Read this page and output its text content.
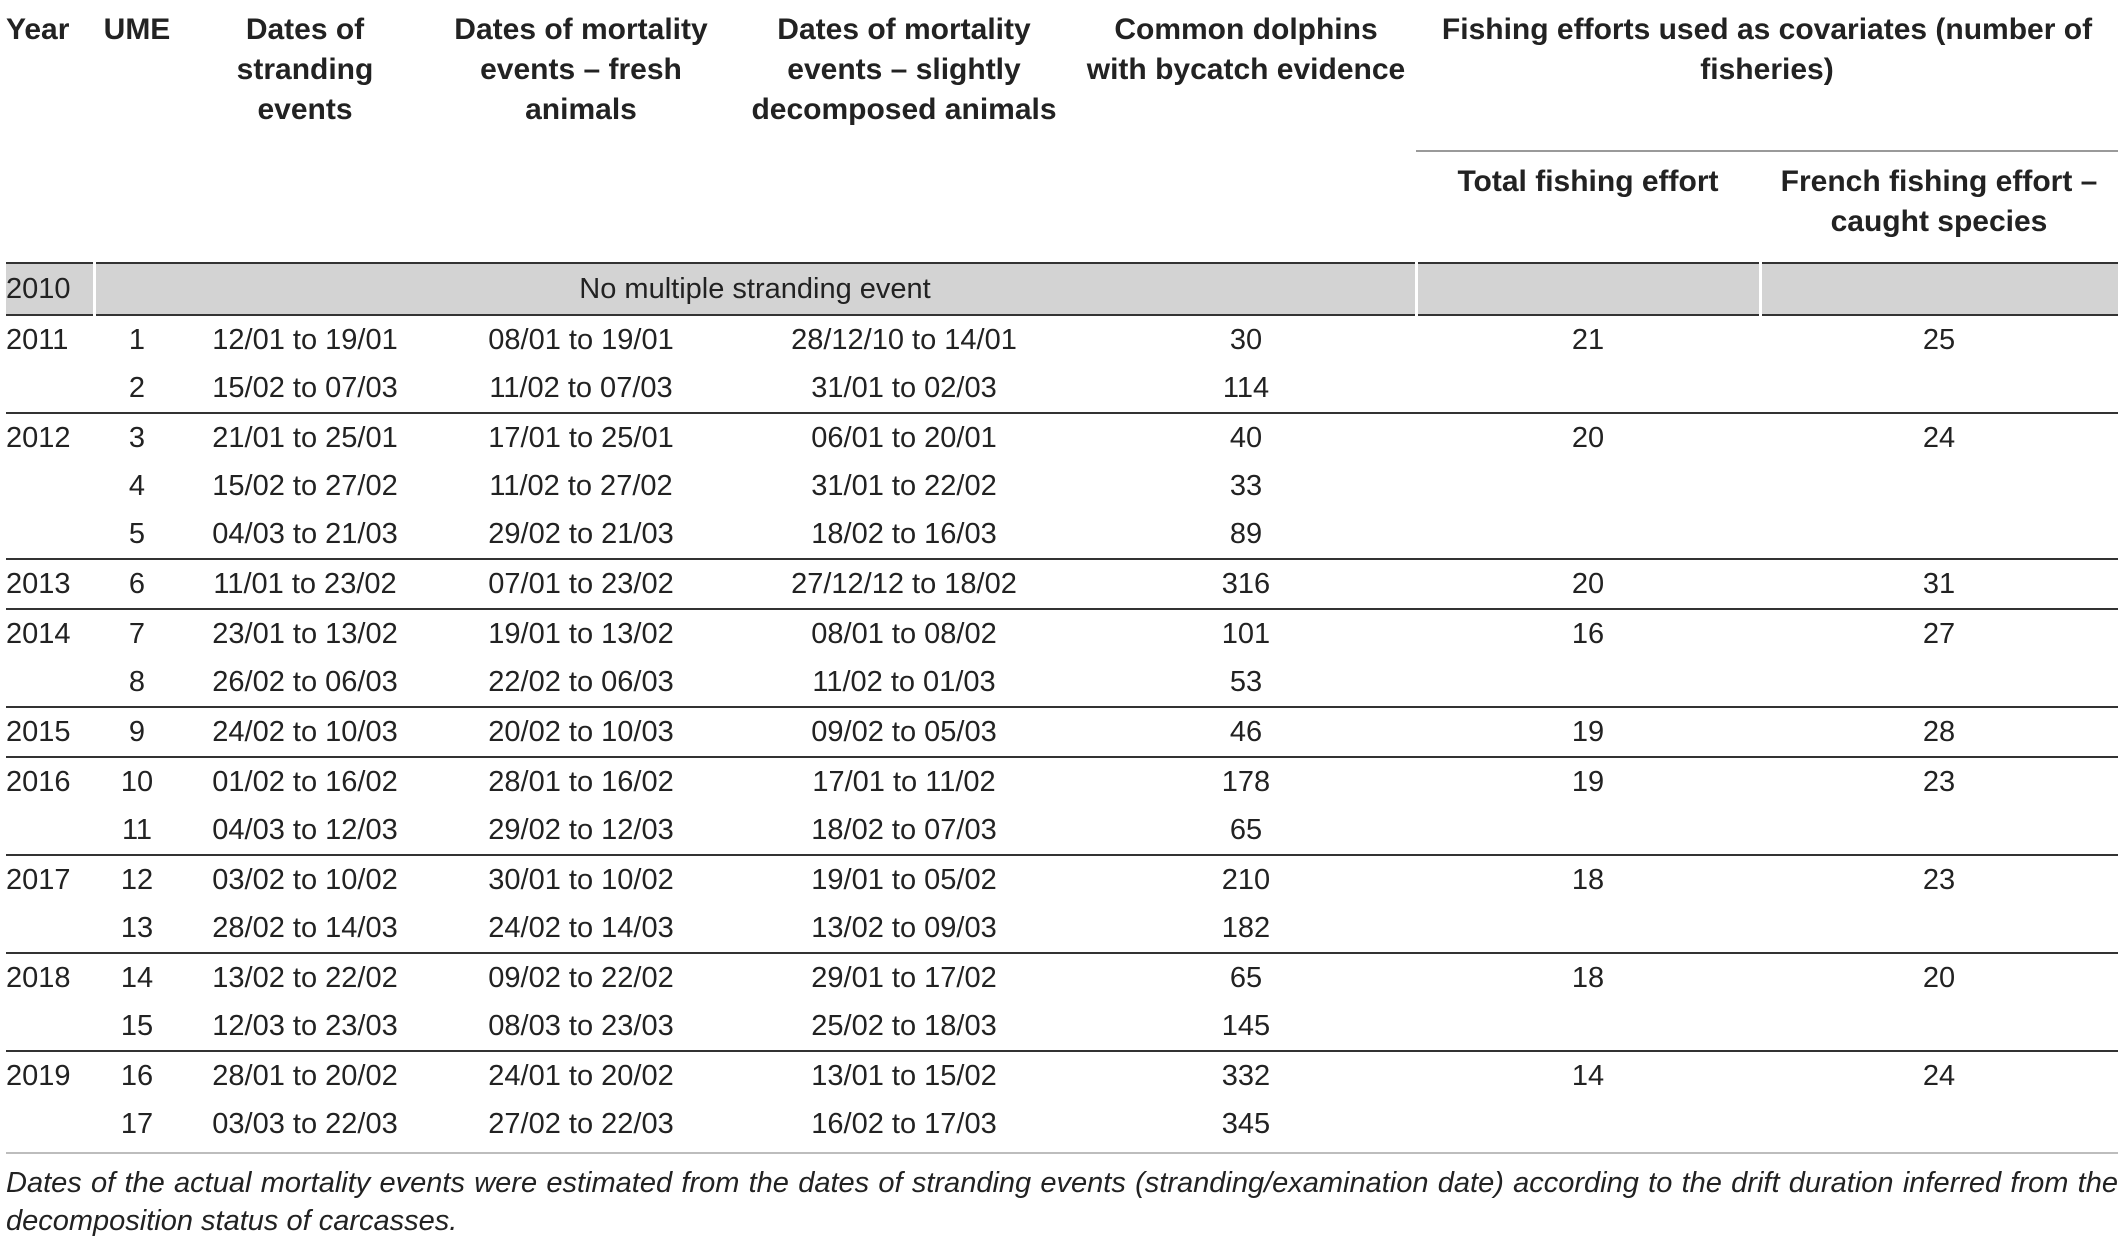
Year	UME	Dates of stranding events	Dates of mortality events – fresh animals	Dates of mortality events – slightly decomposed animals	Common dolphins with bycatch evidence	Fishing efforts used as covariates (number of fisheries)	
						Total fishing effort	French fishing effort – caught species
2010	No multiple stranding event						
2011	1	12/01 to 19/01	08/01 to 19/01	28/12/10 to 14/01	30	21	25
	2	15/02 to 07/03	11/02 to 07/03	31/01 to 02/03	114		
2012	3	21/01 to 25/01	17/01 to 25/01	06/01 to 20/01	40	20	24
	4	15/02 to 27/02	11/02 to 27/02	31/01 to 22/02	33		
	5	04/03 to 21/03	29/02 to 21/03	18/02 to 16/03	89		
2013	6	11/01 to 23/02	07/01 to 23/02	27/12/12 to 18/02	316	20	31
2014	7	23/01 to 13/02	19/01 to 13/02	08/01 to 08/02	101	16	27
	8	26/02 to 06/03	22/02 to 06/03	11/02 to 01/03	53		
2015	9	24/02 to 10/03	20/02 to 10/03	09/02 to 05/03	46	19	28
2016	10	01/02 to 16/02	28/01 to 16/02	17/01 to 11/02	178	19	23
	11	04/03 to 12/03	29/02 to 12/03	18/02 to 07/03	65		
2017	12	03/02 to 10/02	30/01 to 10/02	19/01 to 05/02	210	18	23
	13	28/02 to 14/03	24/02 to 14/03	13/02 to 09/03	182		
2018	14	13/02 to 22/02	09/02 to 22/02	29/01 to 17/02	65	18	20
	15	12/03 to 23/03	08/03 to 23/03	25/02 to 18/03	145		
2019	16	28/01 to 20/02	24/01 to 20/02	13/01 to 15/02	332	14	24
	17	03/03 to 22/03	27/02 to 22/03	16/02 to 17/03	345		

Dates of the actual mortality events were estimated from the dates of stranding events (stranding/examination date) according to the drift duration inferred from the decomposition status of carcasses.
